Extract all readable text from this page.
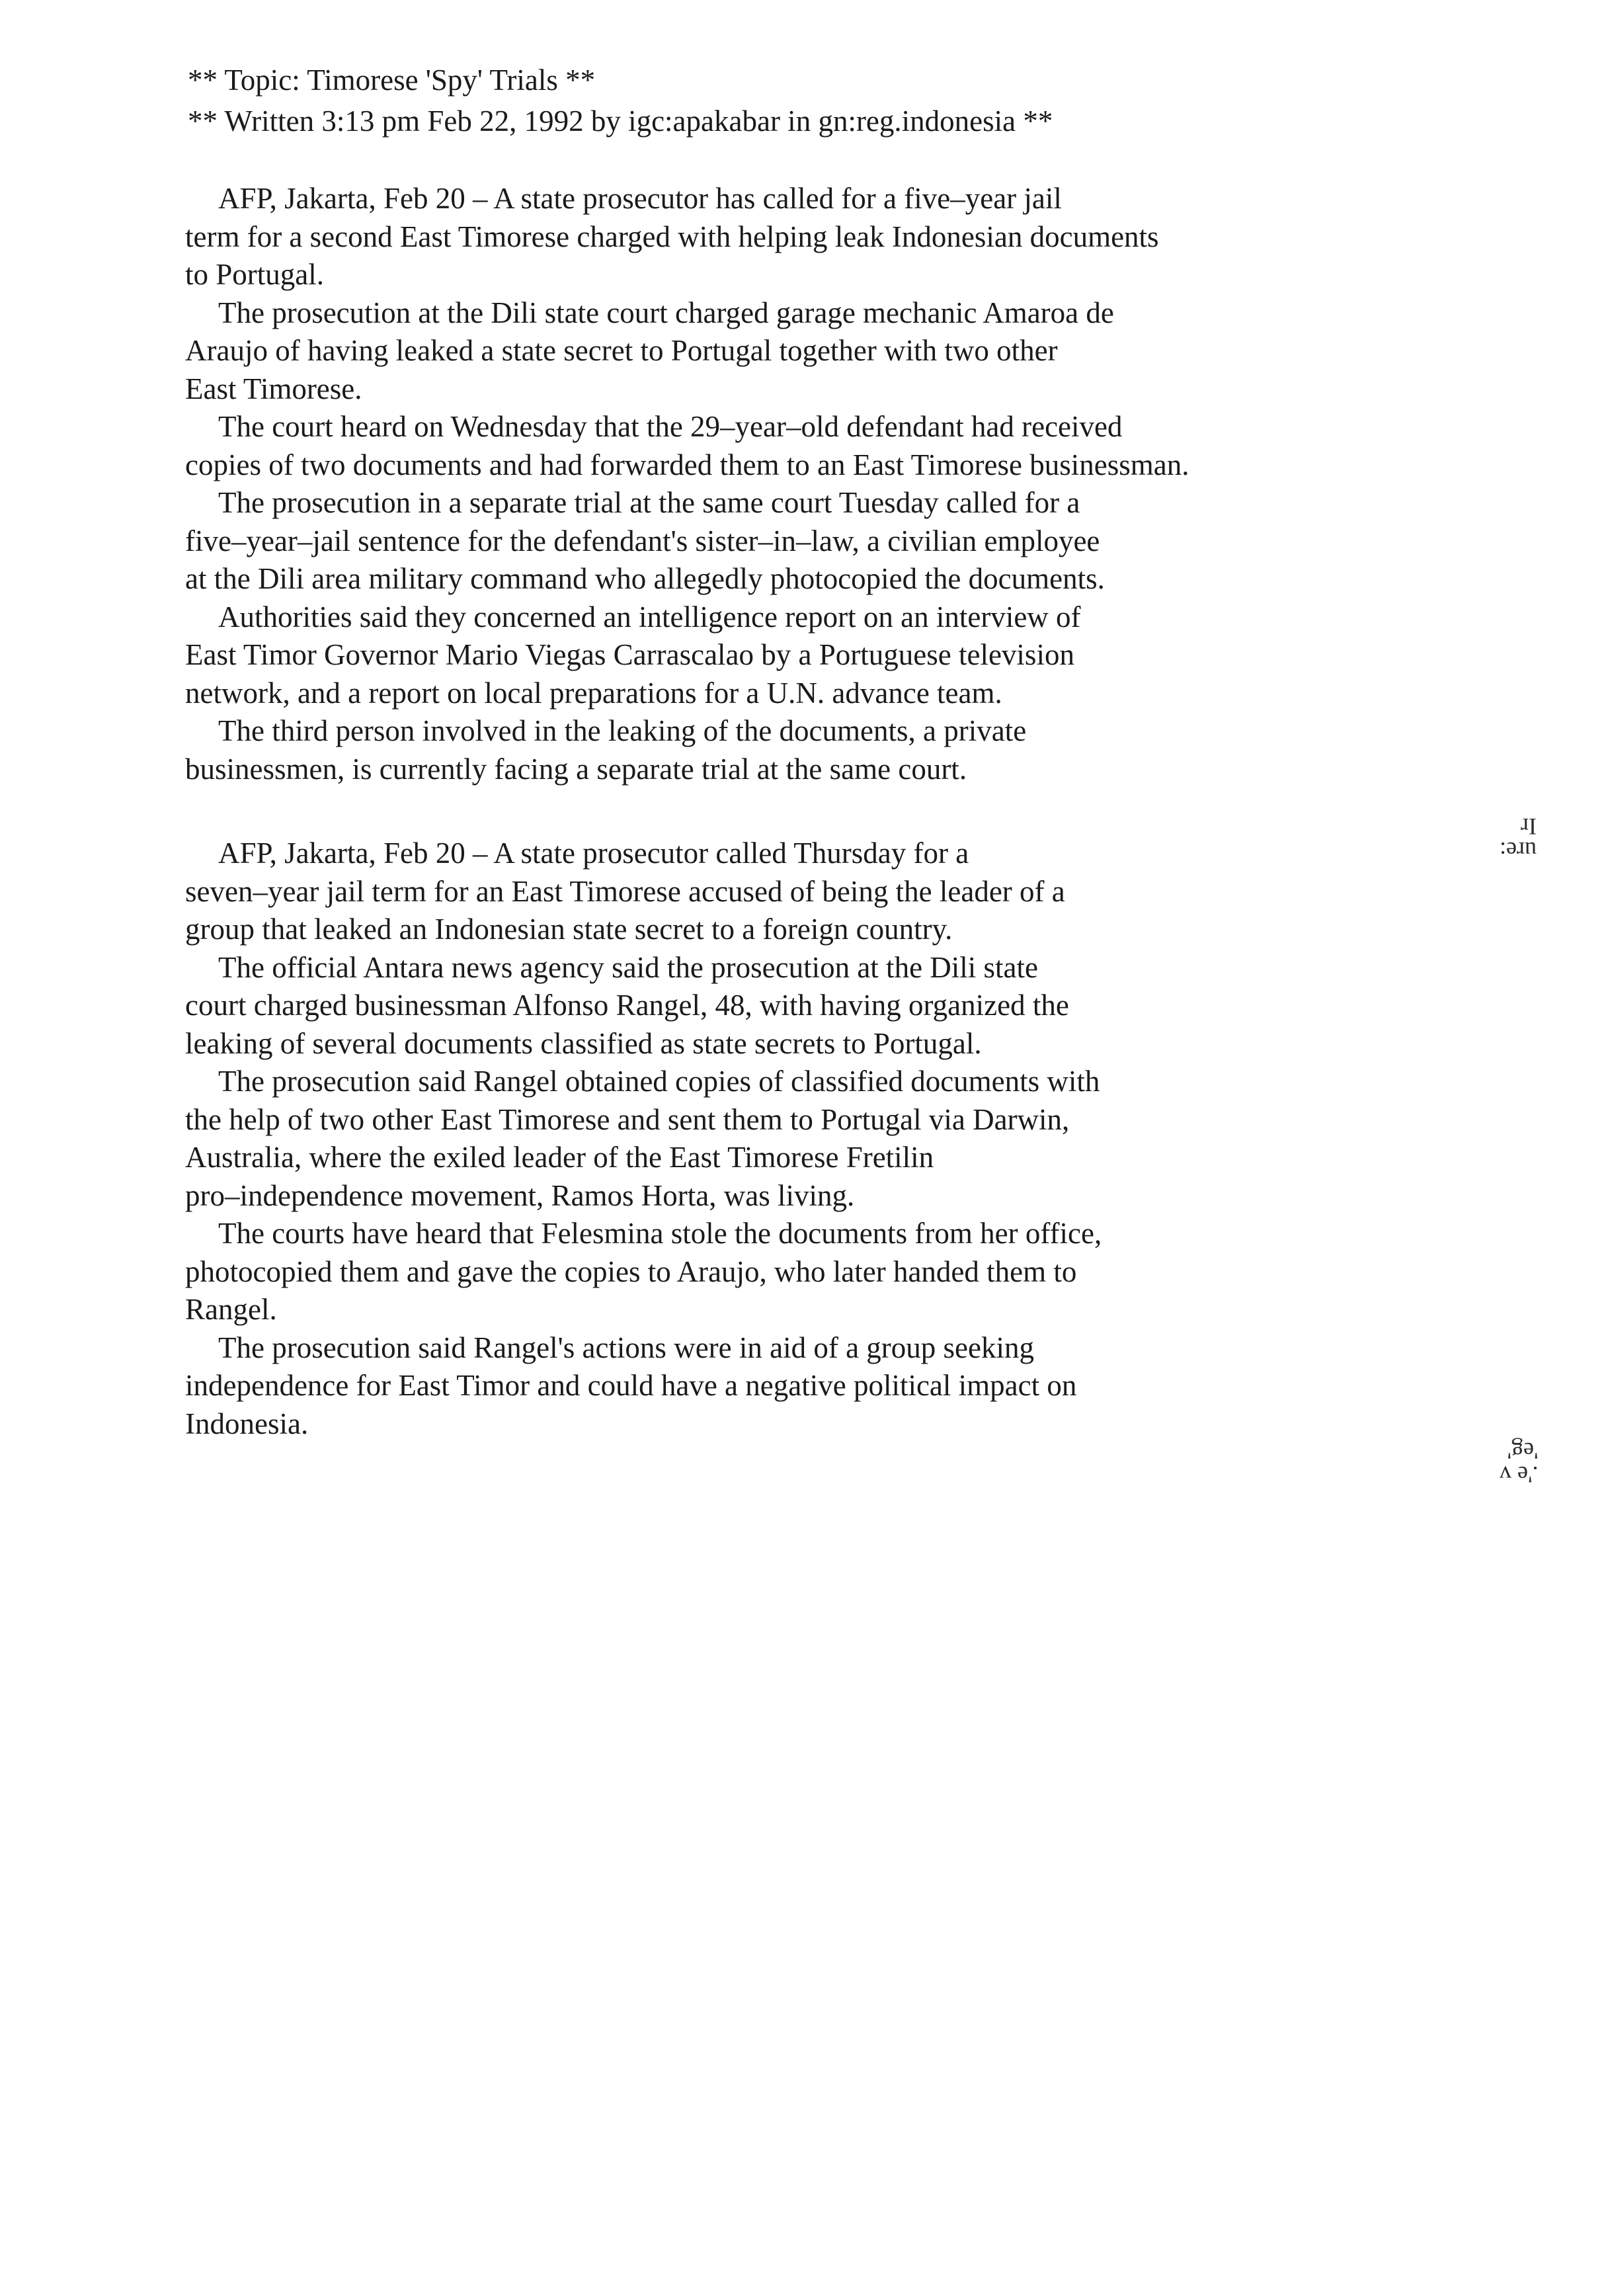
** Topic: Timorese 'Spy' Trials **
** Written 3:13 pm Feb 22, 1992 by igc:apakabar in gn:reg.indonesia **

AFP, Jakarta, Feb 20 – A state prosecutor has called for a five–year jail

term for a second East Timorese charged with helping leak Indonesian documents

to Portugal.

The prosecution at the Dili state court charged garage mechanic Amaroa de

Araujo of having leaked a state secret to Portugal together with two other

East Timorese.

The court heard on Wednesday that the 29–year–old defendant had received

copies of two documents and had forwarded them to an East Timorese businessman.

The prosecution in a separate trial at the same court Tuesday called for a

five–year–jail sentence for the defendant's sister–in–law, a civilian employee

at the Dili area military command who allegedly photocopied the documents.

Authorities said they concerned an intelligence report on an interview of

East Timor Governor Mario Viegas Carrascalao by a Portuguese television

network, and a report on local preparations for a U.N. advance team.

The third person involved in the leaking of the documents, a private

businessmen, is currently facing a separate trial at the same court.

AFP, Jakarta, Feb 20 – A state prosecutor called Thursday for a

seven–year jail term for an East Timorese accused of being the leader of a

group that leaked an Indonesian state secret to a foreign country.

The official Antara news agency said the prosecution at the Dili state

court charged businessman Alfonso Rangel, 48, with having organized the

leaking of several documents classified as state secrets to Portugal.

The prosecution said Rangel obtained copies of classified documents with

the help of two other East Timorese and sent them to Portugal via Darwin,

Australia, where the exiled leader of the East Timorese Fretilin

pro–independence movement, Ramos Horta, was living.

The courts have heard that Felesmina stole the documents from her office,

photocopied them and gave the copies to Araujo, who later handed them to

Rangel.

The prosecution said Rangel's actions were in aid of a group seeking

independence for East Timor and could have a negative political impact on

Indonesia.

ure:
Ir
.'e v
'eg'
